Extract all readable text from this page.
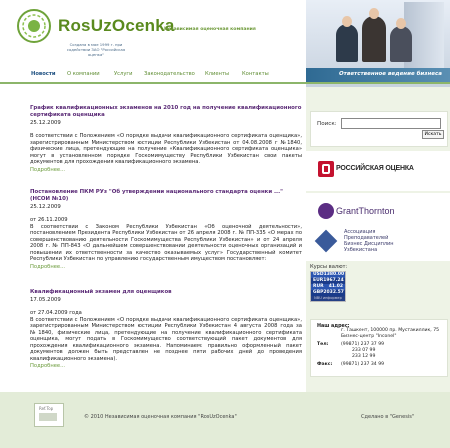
RosUzOcenka
Независимая оценочная компания
Создана в мае 1999 г. при содействии ЗАО "Российская оценка"
Ответственное ведение бизнеса
Новости О компании	Услуги Законодательство Клиенты Контакты
График квалификационных экзаменов на 2010 год на получение квалификационного сертификата оценщика
25.12.2009

В соответствии с Положением «О порядке выдачи квалификационного сертификата оценщика», зарегистрированным Министерством юстиции Республики Узбекистан от 04.08.2008 г №1840, физические лица, претендующие на получение «Квалификационного сертификата оценщика» могут в установленном порядке Госкомимуществу Республики Узбекистан свои пакеты документов для прохождения квалификационного экзамена.

Подробнее...
Постановление ПКМ РУз "Об утверждении национального стандарта оценки ..." (НСОИ №10)
25.12.2009

от 26.11.2009
В соответствии с Законом Республики Узбекистан «Об оценочной деятельности», постановлением Президента Республики Узбекистан от 26 апреля 2008 г. № ПП-335 «О мерах по совершенствованию деятельности Госкомимущества Республики Узбекистан» и от 24 апреля 2008 г. № ПП-843 «О дальнейшем совершенствовании деятельности оценочных организаций и повышении их ответственности за качество оказываемых услуг» Государственный комитет Республики Узбекистан по управлению государственным имуществом постановляет:

Подробнее...
Квалификационный экзамен для оценщиков
17.05.2009

от 27.04.2009 года
В соответствии с Положением «О порядке выдачи квалификационного сертификата оценщика», зарегистрированным Министерством юстиции Республики Узбекистан 4 августа 2008 года за №1840, физические лица, претендующие на получение квалификационного сертификата оценщика, могут подать в Госкомимущество соответствующий пакет документов для прохождения квалификационного экзамена. Напоминаем: правильно оформленный пакет документов должен быть представлен не позднее пяти рабочих дней до проведения квалификационного экзамена).

Подробнее...
Поиск:
Искать
РОССИЙСКАЯ ОЦЕНКА
GrantThornton
Ассоциация Преподавателей Бизнес Дисциплин Узбекистана
Курсы валют:
USD 1380.00
EUR 1967.24
RUR 41.02
GBP 2032.57
NBU информер
Наш адрес:
г. Ташкент, 100000 пр. Мустакиллик, 75 Бизнес-центр "Inconel"
Тел:	(99871) 237 37 99
233 07 99
233 12 99
Факс: (99871) 237 34 99
Ref.Top
© 2010 Независимая оценочная компания "RosUzOcenka"	Сделано в "Genesis"
